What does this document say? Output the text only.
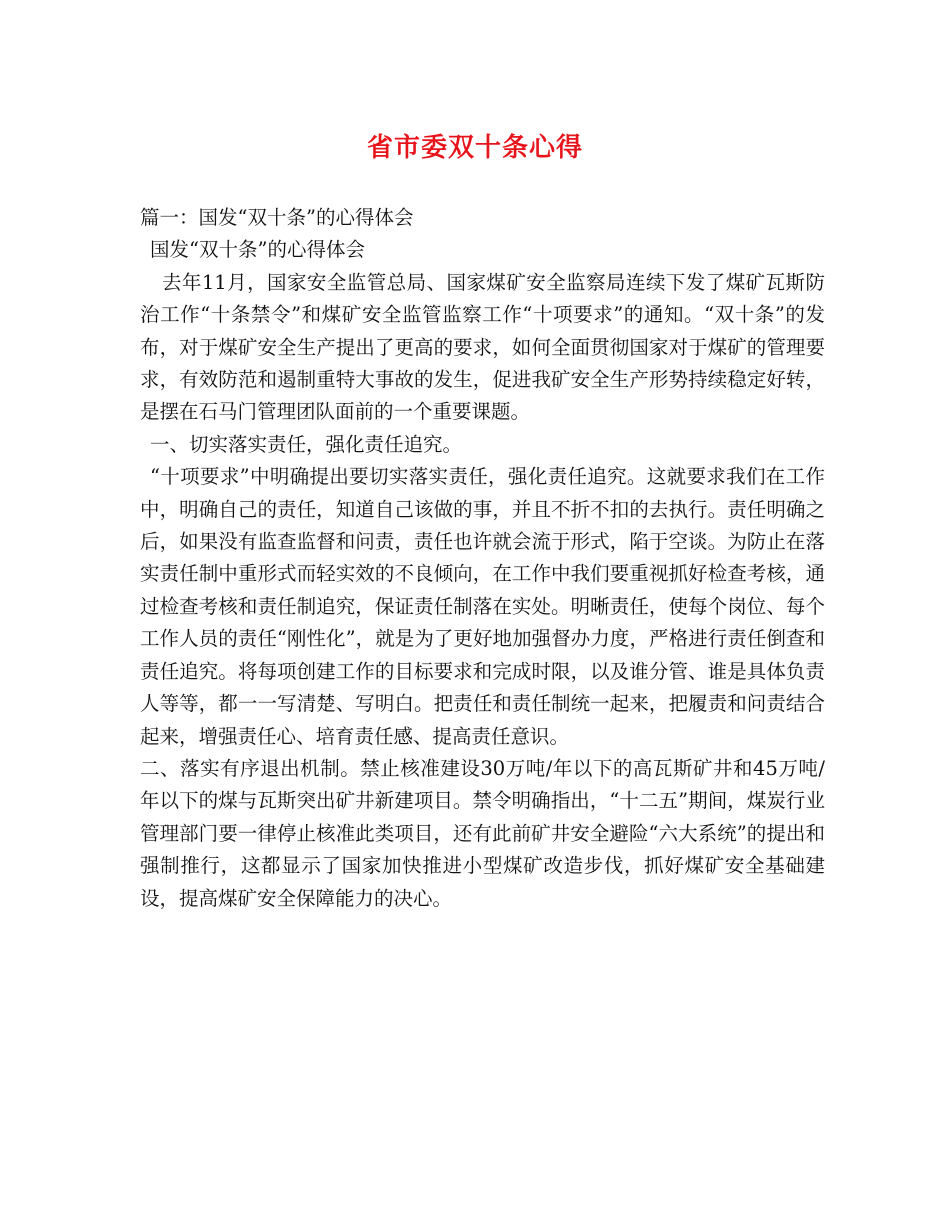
省市委双十条心得

篇一：国发“双十条”的心得体会

国发“双十条”的心得体会

去年11月，国家安全监管总局、国家煤矿安全监察局连续下发了煤矿瓦斯防治工作“十条禁令”和煤矿安全监管监察工作“十项要求”的通知。“双十条”的发布，对于煤矿安全生产提出了更高的要求，如何全面贯彻国家对于煤矿的管理要求，有效防范和遏制重特大事故的发生，促进我矿安全生产形势持续稳定好转，是摆在石马门管理团队面前的一个重要课题。

一、切实落实责任，强化责任追究。

“十项要求”中明确提出要切实落实责任，强化责任追究。这就要求我们在工作中，明确自己的责任，知道自己该做的事，并且不折不扣的去执行。责任明确之后，如果没有监查监督和问责，责任也许就会流于形式，陷于空谈。为防止在落实责任制中重形式而轻实效的不良倾向，在工作中我们要重视抓好检查考核，通过检查考核和责任制追究，保证责任制落在实处。明晰责任，使每个岗位、每个工作人员的责任“刚性化”，就是为了更好地加强督办力度，严格进行责任倒查和责任追究。将每项创建工作的目标要求和完成时限，以及谁分管、谁是具体负责人等等，都一一写清楚、写明白。把责任和责任制统一起来，把履责和问责结合起来，增强责任心、培育责任感、提高责任意识。

二、落实有序退出机制。禁止核准建设30万吨/年以下的高瓦斯矿井和45万吨/年以下的煤与瓦斯突出矿井新建项目。禁令明确指出，“十二五”期间，煤炭行业管理部门要一律停止核准此类项目，还有此前矿井安全避险“六大系统”的提出和强制推行，这都显示了国家加快推进小型煤矿改造步伐，抓好煤矿安全基础建设，提高煤矿安全保障能力的决心。
